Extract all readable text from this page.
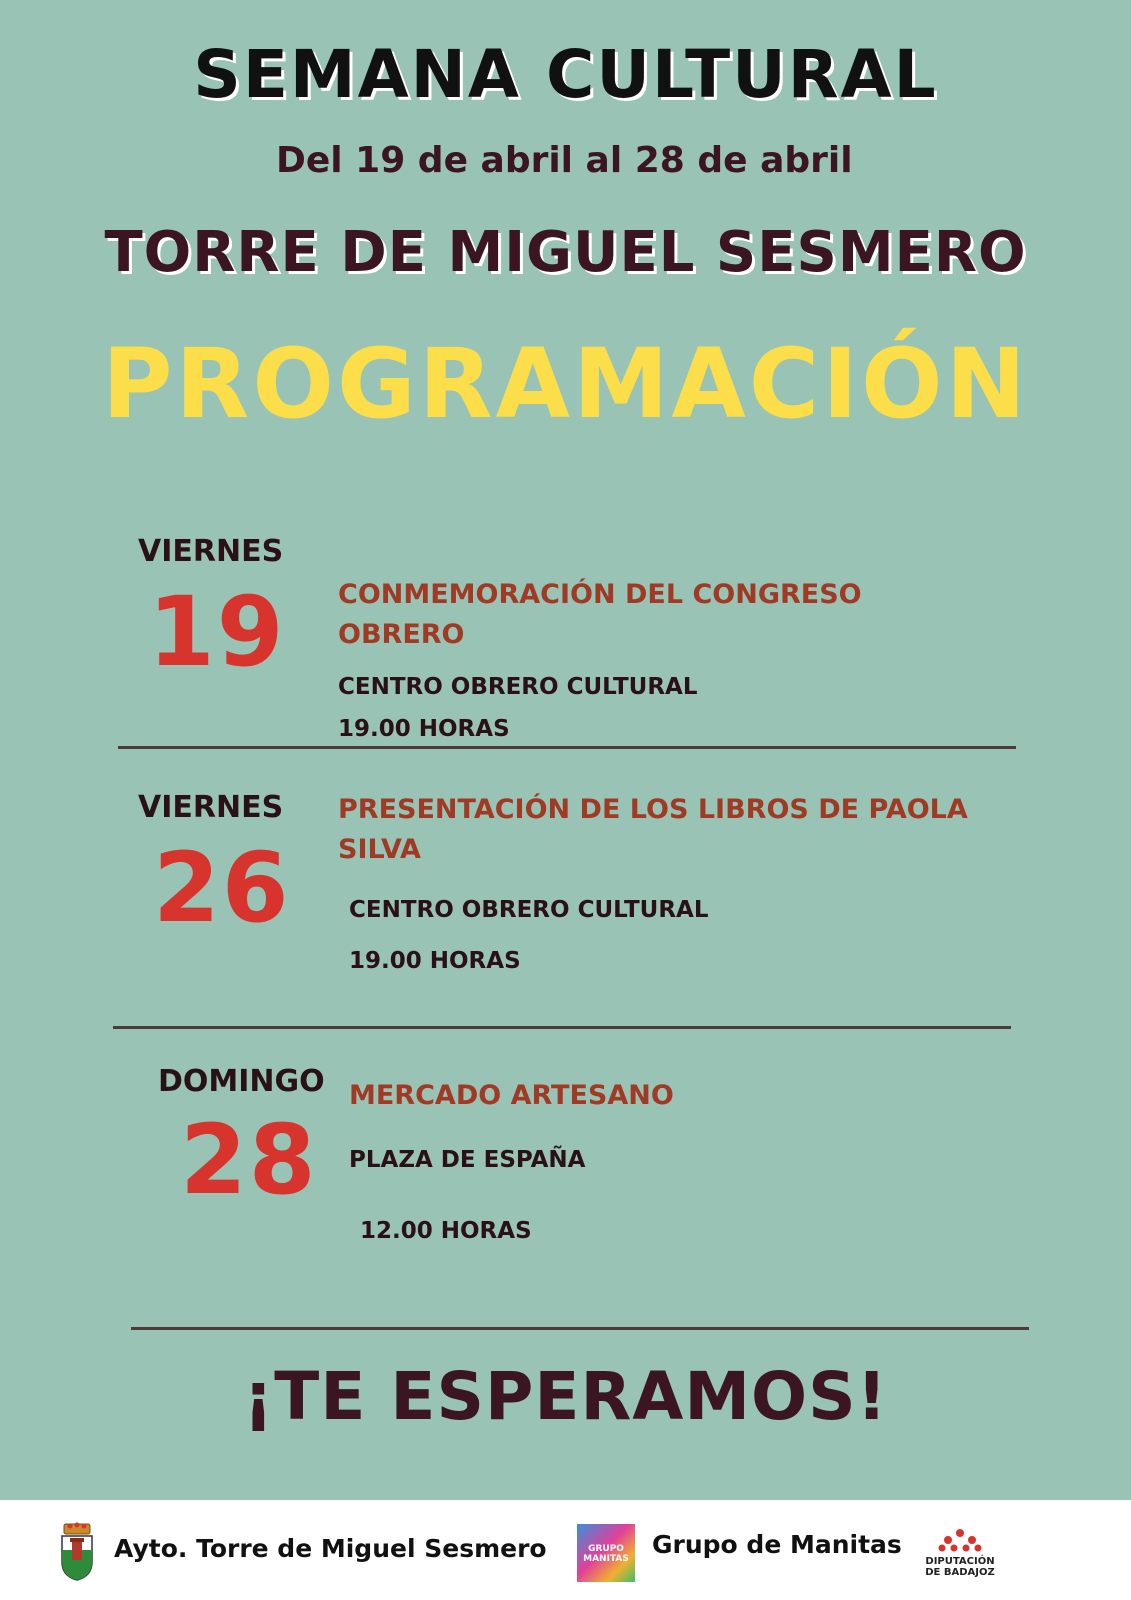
SEMANA CULTURAL
Del 19 de abril al 28 de abril
TORRE DE MIGUEL SESMERO
PROGRAMACIÓN
VIERNES
19 CONMEMORACIÓN DEL CONGRESO
OBRERO
CENTRO OBRERO CULTURAL
19.00 HORAS
VIERNES
26
PRESENTACIÓN DE LOS LIBROS DE PAOLA
SILVA
CENTRO OBRERO CULTURAL
19.00 HORAS
DOMINGO
28
MERCADO ARTESANO
PLAZA DE ESPAÑA
12.00 HORAS
¡TE ESPERAMOS!
Ayto. Torre de Miguel Sesmero	GRUPO MANITAS Grupo de Manitas
DIPUTACIÓN
DE BADAJOZ
